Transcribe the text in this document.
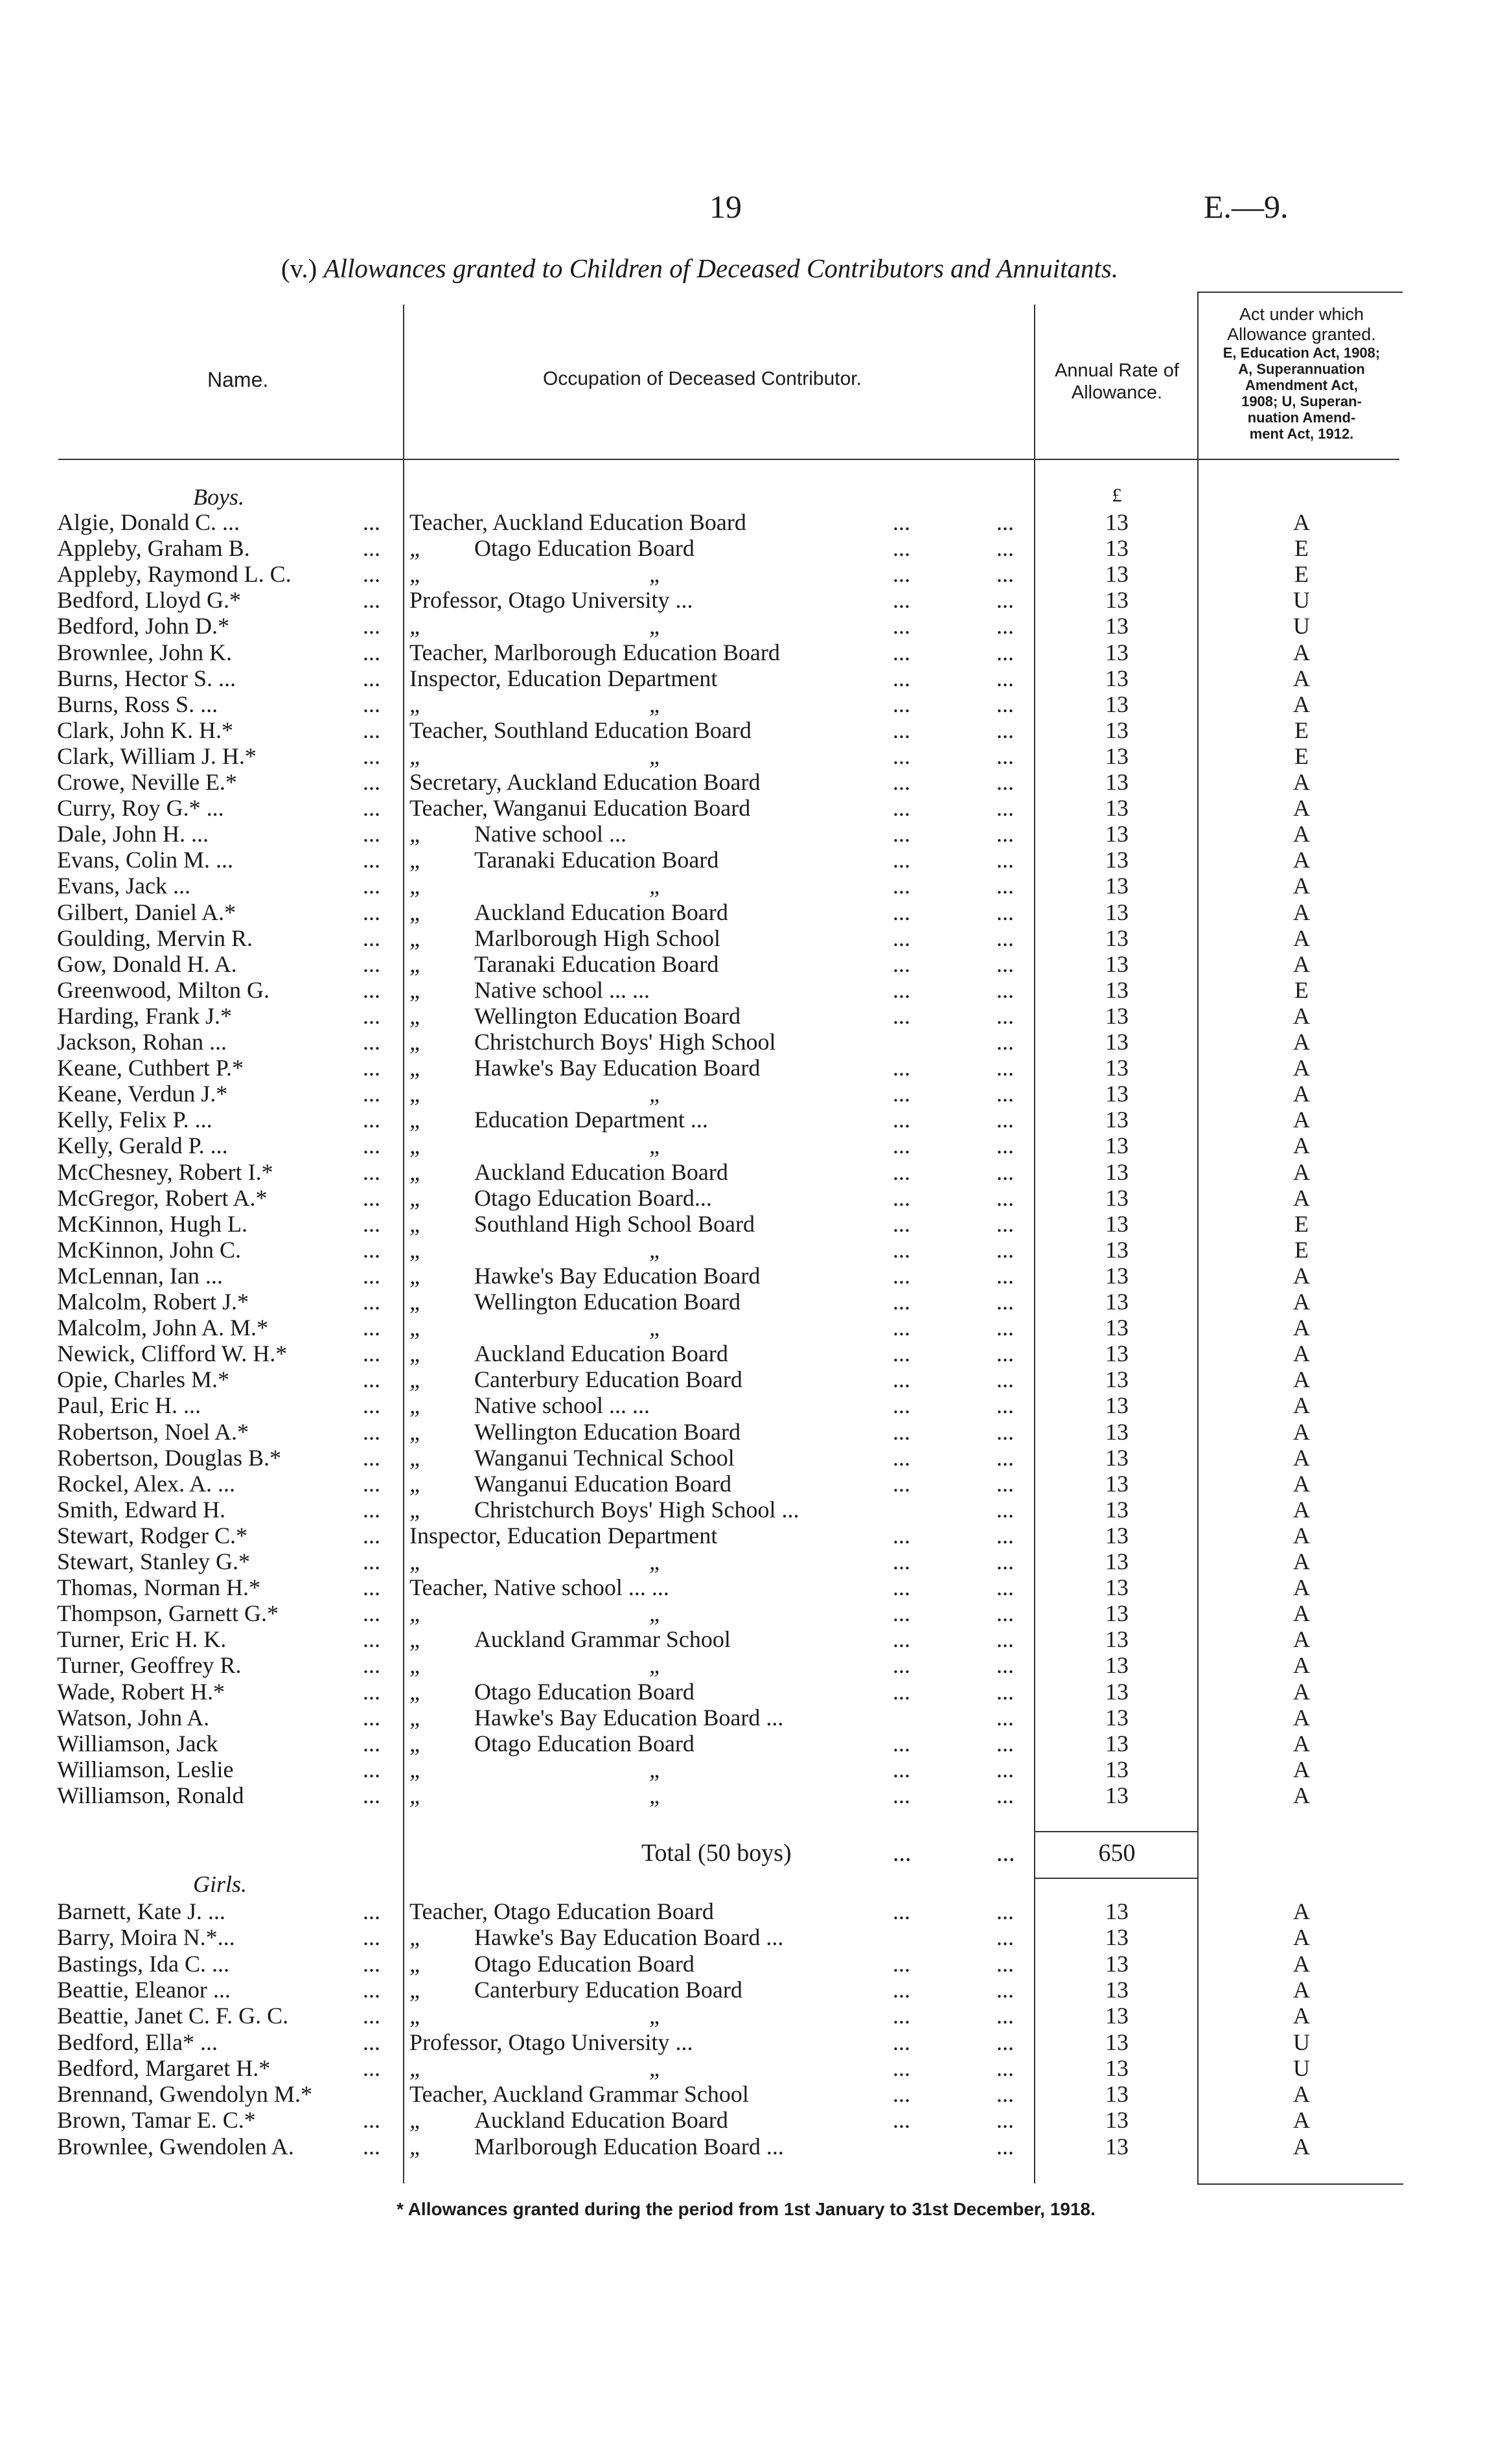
19	E.—9.
(v.) Allowances granted to Children of Deceased Contributors and Annuitants.
Name.	Occupation of Deceased Contributor.	Annual Rate of
Allowance.
Act under which
Allowance granted.
E, Education Act, 1908;
A, Superannuation
Amendment Act,
1908; U, Superan-
nuation Amend-
ment Act, 1912.
£
Boys.
Algie, Donald C. ...	... Teacher, Auckland Education Board	...	...	13	A
Appleby, Graham B.	... „ Otago Education Board	...	...	13	E
Appleby, Raymond L. C.	... „	„	...	...	13	E
Bedford, Lloyd G.*	... Professor, Otago University ...	...	...	13	U
Bedford, John D.*	... „	„	...	...	13	U
Brownlee, John K.	... Teacher, Marlborough Education Board	...	...	13	A
Burns, Hector S. ...	... Inspector, Education Department	...	...	13	A
Burns, Ross S. ...	... „	„	...	...	13	A
Clark, John K. H.*	... Teacher, Southland Education Board	...	...	13	E
Clark, William J. H.*	... „	„	...	...	13	E
Crowe, Neville E.*	... Secretary, Auckland Education Board	...	...	13	A
Curry, Roy G.* ...	... Teacher, Wanganui Education Board	...	...	13	A
Dale, John H. ...	... „ Native school ...	...	...	13	A
Evans, Colin M. ...	... „ Taranaki Education Board	...	...	13	A
Evans, Jack ...	... „	„	...	...	13	A
Gilbert, Daniel A.*	... „ Auckland Education Board	...	...	13	A
Goulding, Mervin R.	... „ Marlborough High School	...	...	13	A
Gow, Donald H. A.	... „ Taranaki Education Board	...	...	13	A
Greenwood, Milton G.	... „ Native school ... ...	...	...	13	E
Harding, Frank J.*	... „ Wellington Education Board	...	...	13	A
Jackson, Rohan ...	... „ Christchurch Boys' High School	...	13	A
Keane, Cuthbert P.*	... „ Hawke's Bay Education Board	...	...	13	A
Keane, Verdun J.*	... „	„	...	...	13	A
Kelly, Felix P. ...	... „ Education Department ...	...	...	13	A
Kelly, Gerald P. ...	... „	„	...	...	13	A
McChesney, Robert I.*	... „ Auckland Education Board	...	...	13	A
McGregor, Robert A.*	... „ Otago Education Board...	...	...	13	A
McKinnon, Hugh L.	... „ Southland High School Board	...	...	13	E
McKinnon, John C.	... „	„	...	...	13	E
McLennan, Ian ...	... „ Hawke's Bay Education Board	...	...	13	A
Malcolm, Robert J.*	... „ Wellington Education Board	...	...	13	A
Malcolm, John A. M.*	... „	„	...	...	13	A
Newick, Clifford W. H.*	... „ Auckland Education Board	...	...	13	A
Opie, Charles M.*	... „ Canterbury Education Board	...	...	13	A
Paul, Eric H. ...	... „ Native school ... ...	...	...	13	A
Robertson, Noel A.*	... „ Wellington Education Board	...	...	13	A
Robertson, Douglas B.*	... „ Wanganui Technical School	...	...	13	A
Rockel, Alex. A. ...	... „ Wanganui Education Board	...	...	13	A
Smith, Edward H.	... „ Christchurch Boys' High School ...	...	13	A
Stewart, Rodger C.*	... Inspector, Education Department	...	...	13	A
Stewart, Stanley G.*	... „	„	...	...	13	A
Thomas, Norman H.*	... Teacher, Native school ... ...	...	...	13	A
Thompson, Garnett G.*	... „	„	...	...	13	A
Turner, Eric H. K.	... „ Auckland Grammar School	...	...	13	A
Turner, Geoffrey R.	... „	„	...	...	13	A
Wade, Robert H.*	... „ Otago Education Board	...	...	13	A
Watson, John A.	... „ Hawke's Bay Education Board ...	...	13	A
Williamson, Jack	... „ Otago Education Board	...	...	13	A
Williamson, Leslie	... „	„	...	...	13	A
Williamson, Ronald	... „	„	...	...	13	A
Total (50 boys)	...	...	650
Girls.
Barnett, Kate J. ...	... Teacher, Otago Education Board	...	...	13	A
Barry, Moira N.*...	... „ Hawke's Bay Education Board ...	...	13	A
Bastings, Ida C. ...	... „ Otago Education Board	...	...	13	A
Beattie, Eleanor ...	... „ Canterbury Education Board	...	...	13	A
Beattie, Janet C. F. G. C.	... „	„	...	...	13	A
Bedford, Ella* ...	... Professor, Otago University ...	...	...	13	U
Bedford, Margaret H.*	... „	„	...	...	13	U
Brennand, Gwendolyn M.*	Teacher, Auckland Grammar School	...	...	13	A
Brown, Tamar E. C.*	... „ Auckland Education Board	...	...	13	A
Brownlee, Gwendolen A.	... „ Marlborough Education Board ...	...	13	A
* Allowances granted during the period from 1st January to 31st December, 1918.
